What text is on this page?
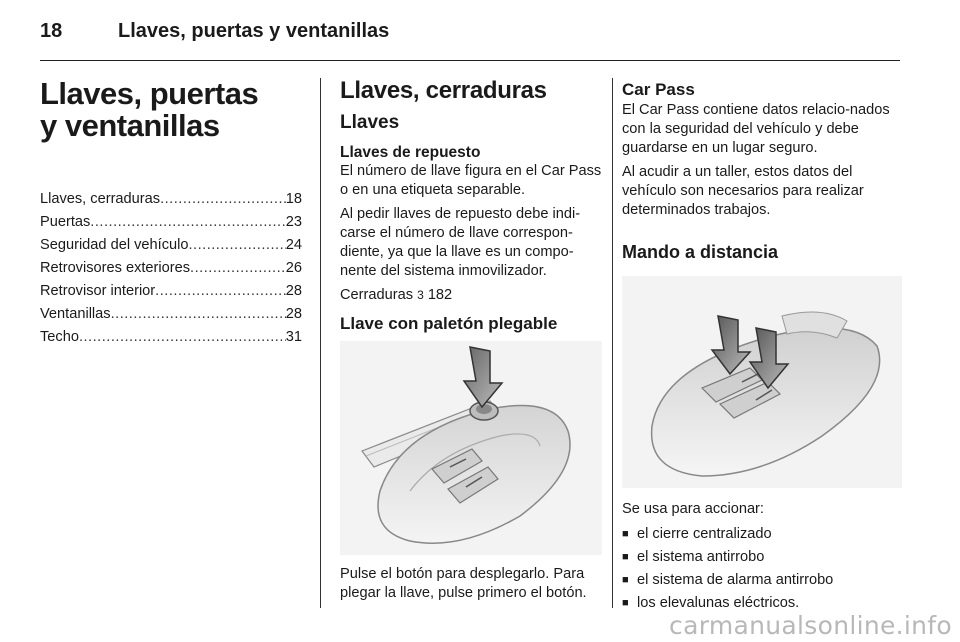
18	Llaves, puertas y ventanillas
Llaves, puertas
y ventanillas
Llaves, cerraduras .....	18
Puertas .....	23
Seguridad del vehículo .....	24
Retrovisores exteriores .....	26
Retrovisor interior .....	28
Ventanillas .....	28
Techo .....	31
Llaves, cerraduras
Llaves
Llaves de repuesto

El número de llave figura en el Car Pass o en una etiqueta separable.

Al pedir llaves de repuesto debe indi-carse el número de llave correspon-diente, ya que la llave es un compo-nente del sistema inmovilizador.

Cerraduras 3 182

Llave con paletón plegable

Pulse el botón para desplegarlo. Para plegar la llave, pulse primero el botón.

Car Pass

El Car Pass contiene datos relacio-nados con la seguridad del vehículo y debe guardarse en un lugar seguro.

Al acudir a un taller, estos datos del vehículo son necesarios para realizar determinados trabajos.

Mando a distancia

Se usa para accionar:

■ el cierre centralizado
■ el sistema antirrobo
■ el sistema de alarma antirrobo
■ los elevalunas eléctricos.
carmanualsonline.info
